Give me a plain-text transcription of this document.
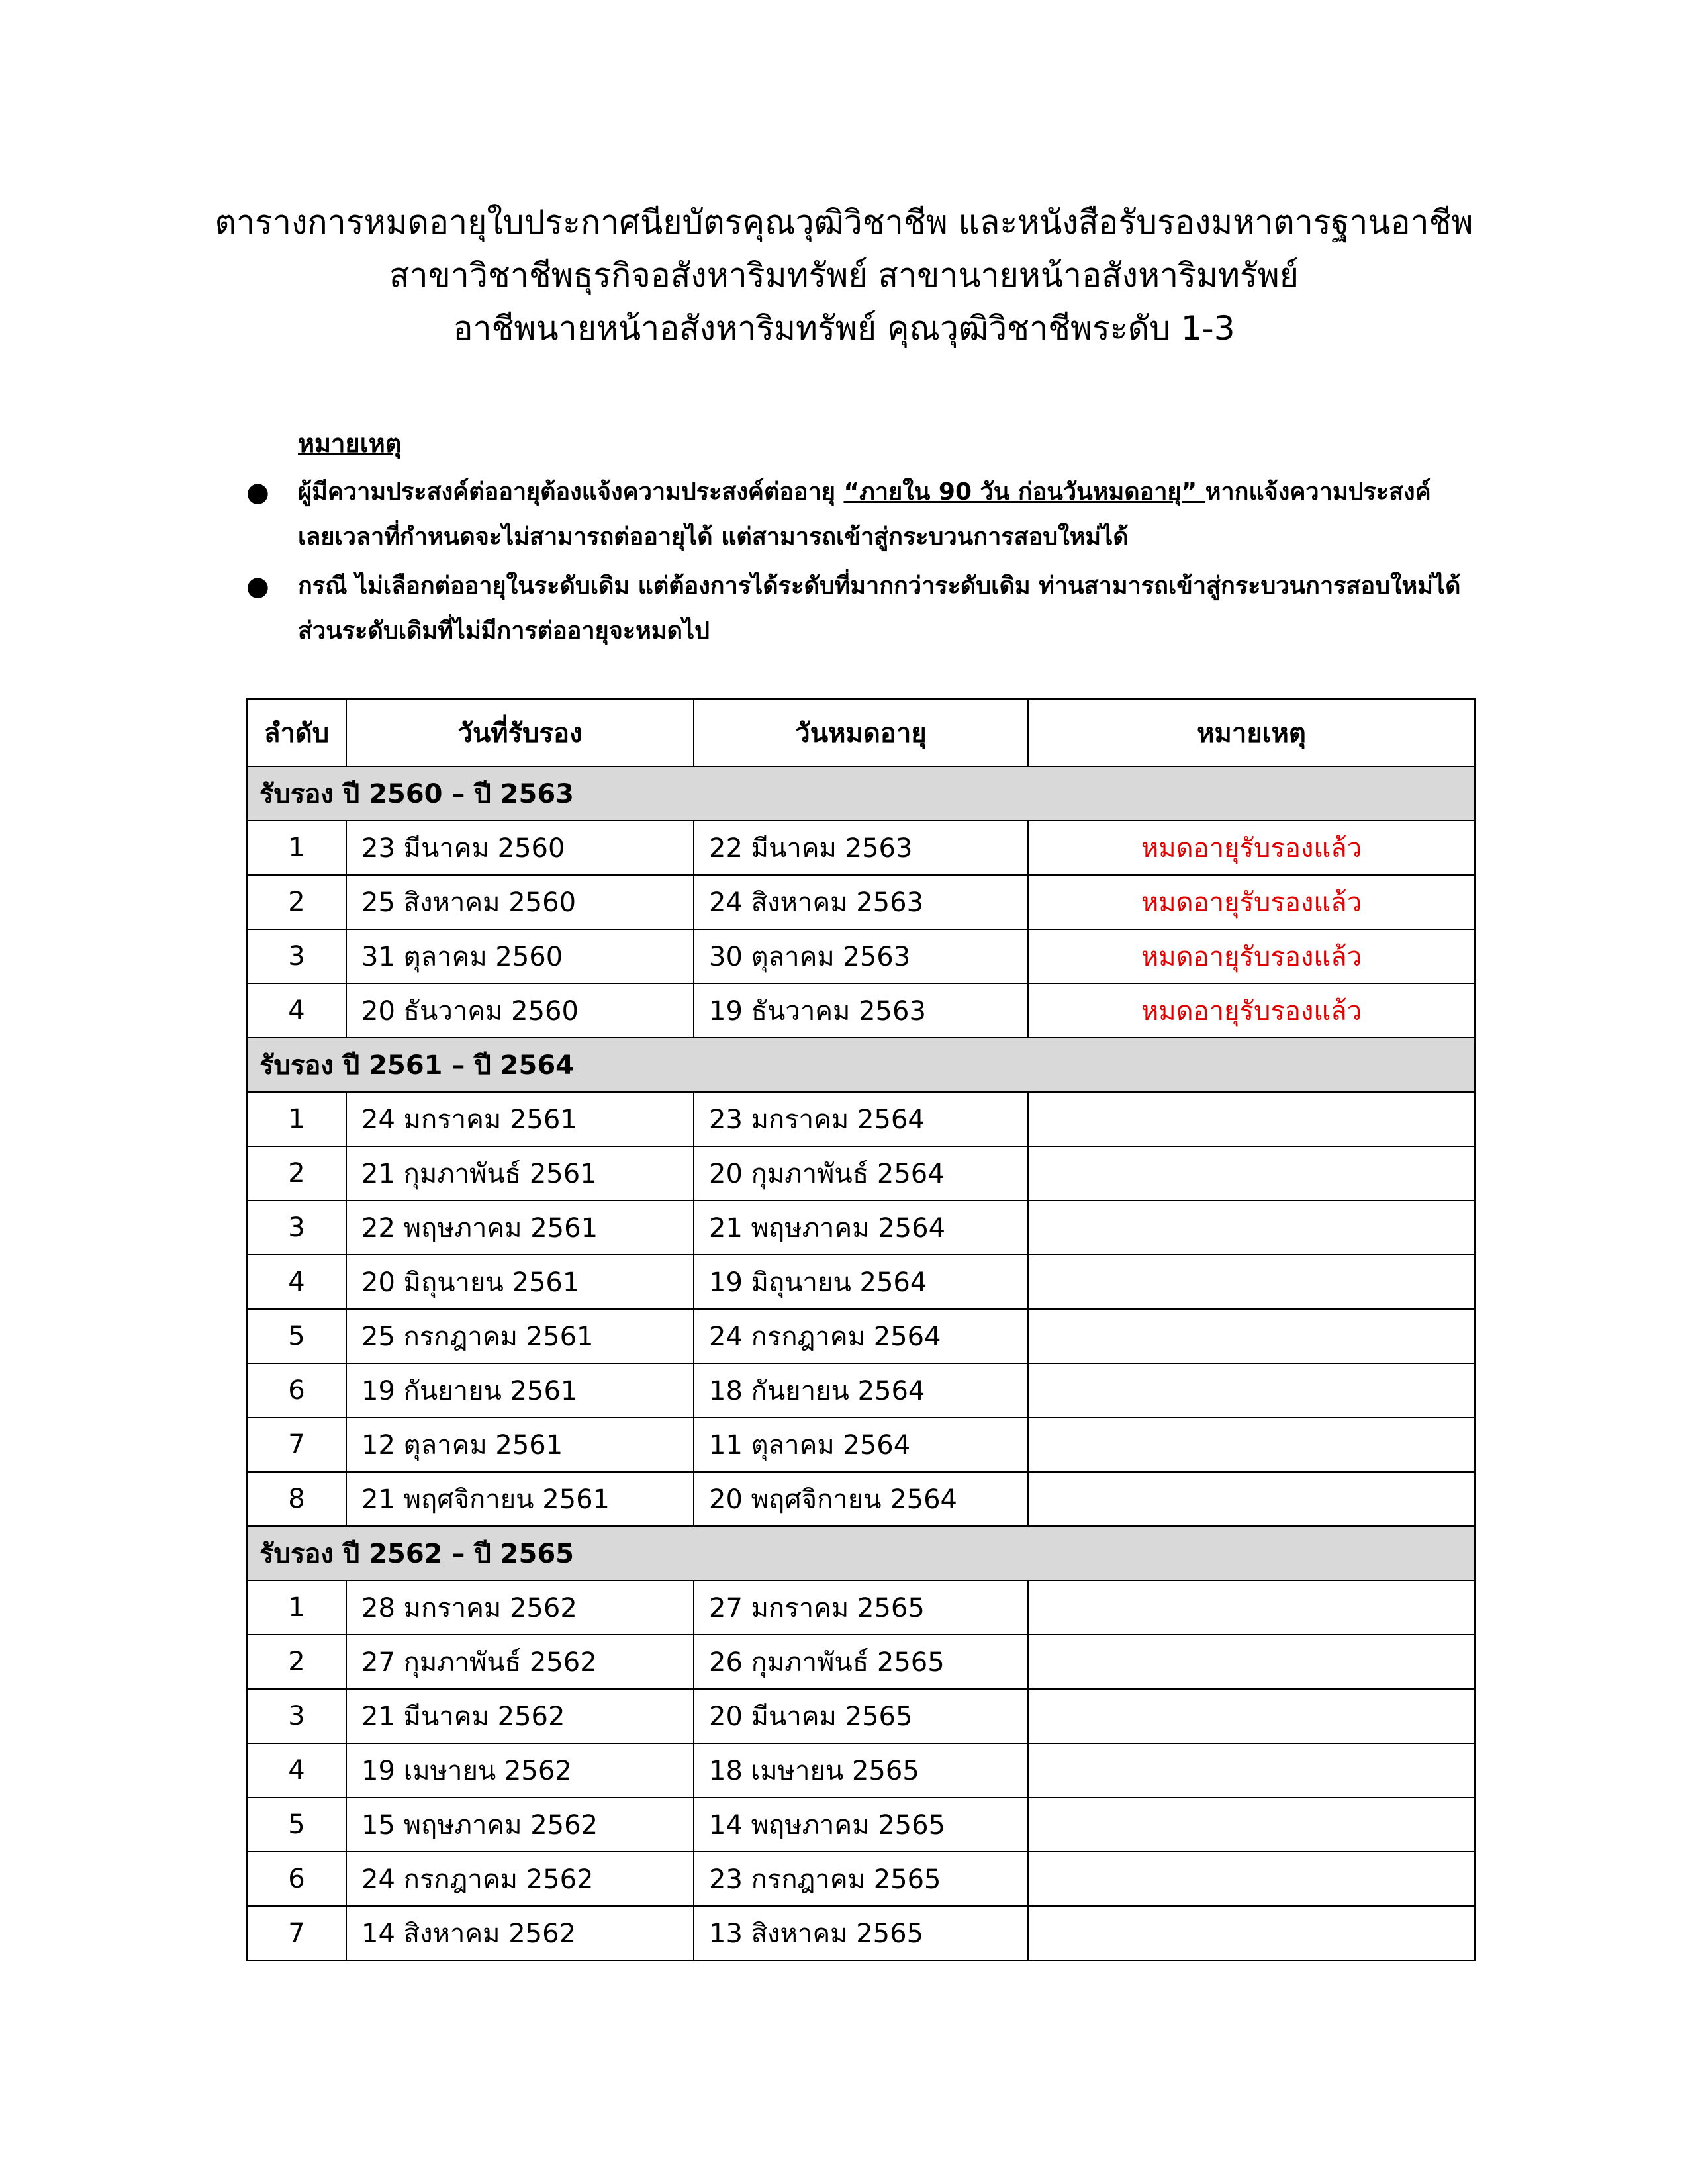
ตารางการหมดอายุใบประกาศนียบัตรคุณวุฒิวิชาชีพ และหนังสือรับรองมหาตารฐานอาชีพ
สาขาวิชาชีพธุรกิจอสังหาริมทรัพย์ สาขานายหน้าอสังหาริมทรัพย์
อาชีพนายหน้าอสังหาริมทรัพย์ คุณวุฒิวิชาชีพระดับ 1-3
หมายเหตุ
● ผู้มีความประสงค์ต่ออายุต้องแจ้งความประสงค์ต่ออายุ “ภายใน 90 วัน ก่อนวันหมดอายุ” หากแจ้งความประสงค์
เลยเวลาที่กำหนดจะไม่สามารถต่ออายุได้ แต่สามารถเข้าสู่กระบวนการสอบใหม่ได้
● กรณี ไม่เลือกต่ออายุในระดับเดิม แต่ต้องการได้ระดับที่มากกว่าระดับเดิม ท่านสามารถเข้าสู่กระบวนการสอบใหม่ได้
ส่วนระดับเดิมที่ไม่มีการต่ออายุจะหมดไป
ลำดับ	วันที่รับรอง	วันหมดอายุ	หมายเหตุ
รับรอง ปี 2560 – ปี 2563			
1	23 มีนาคม 2560	22 มีนาคม 2563	หมดอายุรับรองแล้ว
2	25 สิงหาคม 2560	24 สิงหาคม 2563	หมดอายุรับรองแล้ว
3	31 ตุลาคม 2560	30 ตุลาคม 2563	หมดอายุรับรองแล้ว
4	20 ธันวาคม 2560	19 ธันวาคม 2563	หมดอายุรับรองแล้ว
รับรอง ปี 2561 – ปี 2564			
1	24 มกราคม 2561	23 มกราคม 2564	
2	21 กุมภาพันธ์ 2561	20 กุมภาพันธ์ 2564	
3	22 พฤษภาคม 2561	21 พฤษภาคม 2564	
4	20 มิถุนายน 2561	19 มิถุนายน 2564	
5	25 กรกฎาคม 2561	24 กรกฎาคม 2564	
6	19 กันยายน 2561	18 กันยายน 2564	
7	12 ตุลาคม 2561	11 ตุลาคม 2564	
8	21 พฤศจิกายน 2561	20 พฤศจิกายน 2564	
รับรอง ปี 2562 – ปี 2565			
1	28 มกราคม 2562	27 มกราคม 2565	
2	27 กุมภาพันธ์ 2562	26 กุมภาพันธ์ 2565	
3	21 มีนาคม 2562	20 มีนาคม 2565	
4	19 เมษายน 2562	18 เมษายน 2565	
5	15 พฤษภาคม 2562	14 พฤษภาคม 2565	
6	24 กรกฎาคม 2562	23 กรกฎาคม 2565	
7	14 สิงหาคม 2562	13 สิงหาคม 2565	
